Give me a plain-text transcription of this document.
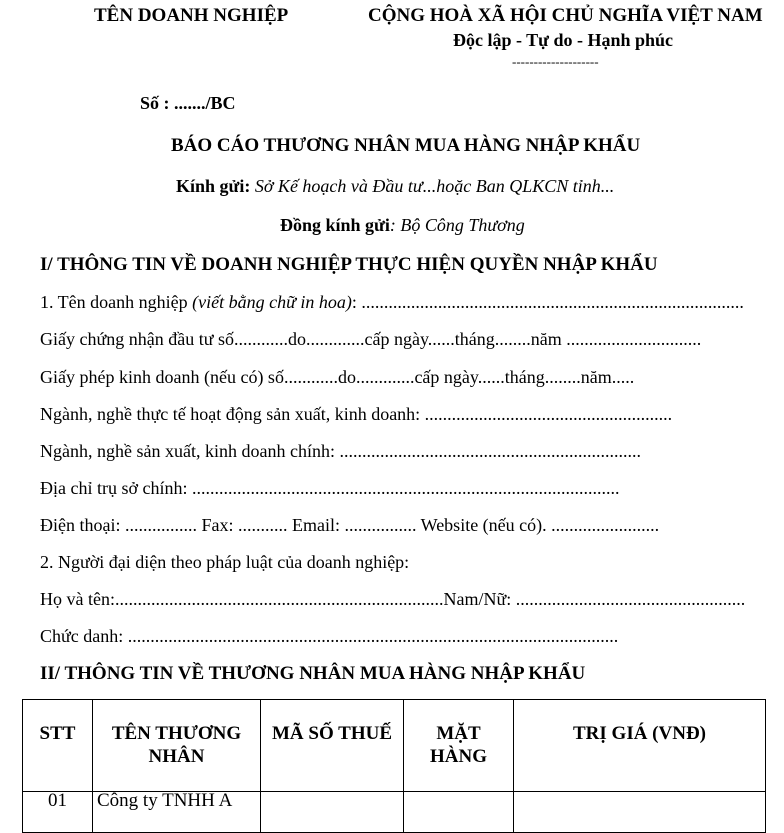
TÊN DOANH NGHIỆP	CỘNG HOÀ XÃ HỘI CHỦ NGHĨA VIỆT NAM
Độc lập - Tự do - Hạnh phúc
--------------------
Số : ......./BC
BÁO CÁO THƯƠNG NHÂN MUA HÀNG NHẬP KHẨU
Kính gửi: Sở Kế hoạch và Đầu tư...hoặc Ban QLKCN tỉnh...
Đồng kính gửi: Bộ Công Thương
I/ THÔNG TIN VỀ DOANH NGHIỆP THỰC HIỆN QUYỀN NHẬP KHẨU
1. Tên doanh nghiệp (viết bằng chữ in hoa): .....................................................................................
Giấy chứng nhận đầu tư số............do.............cấp ngày......tháng........năm ..............................
Giấy phép kinh doanh (nếu có) số............do.............cấp ngày......tháng........năm.....
Ngành, nghề thực tế hoạt động sản xuất, kinh doanh: .......................................................
Ngành, nghề sản xuất, kinh doanh chính: ...................................................................
Địa chỉ trụ sở chính: ...............................................................................................
Điện thoại: ................ Fax: ........... Email: ................ Website (nếu có). ........................
2. Người đại diện theo pháp luật của doanh nghiệp:
Họ và tên:.........................................................................Nam/Nữ: ...................................................
Chức danh: .............................................................................................................
II/ THÔNG TIN VỀ THƯƠNG NHÂN MUA HÀNG NHẬP KHẨU
STT	TÊN THƯƠNG NHÂN	MÃ SỐ THUẾ	MẶT HÀNG	TRỊ GIÁ (VNĐ)
01	Công ty TNHH A			
